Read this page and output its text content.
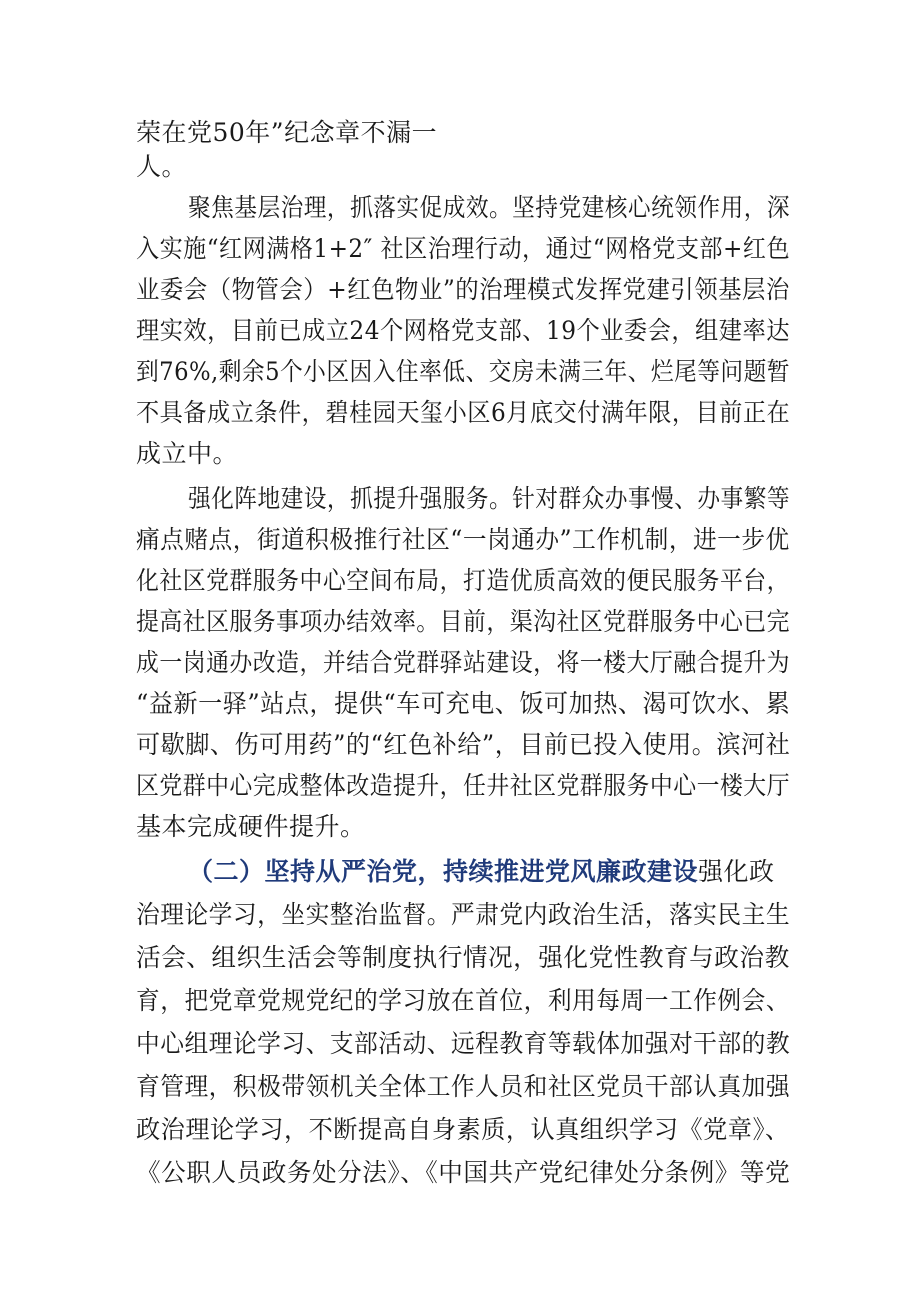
荣在党50年”纪念章不漏一
人。
聚焦基层治理，抓落实促成效。坚持党建核心统领作用，深
入实施“红网满格1+2″ 社区治理行动，通过“网格党支部+红色
业委会（物管会）+红色物业”的治理模式发挥党建引领基层治
理实效，目前已成立24个网格党支部、19个业委会，组建率达
到76%,剩余5个小区因入住率低、交房未满三年、烂尾等问题暂
不具备成立条件，碧桂园天玺小区6月底交付满年限，目前正在
成立中。
强化阵地建设，抓提升强服务。针对群众办事慢、办事繁等
痛点赌点，街道积极推行社区“一岗通办”工作机制，进一步优
化社区党群服务中心空间布局，打造优质高效的便民服务平台，
提高社区服务事项办结效率。目前，渠沟社区党群服务中心已完
成一岗通办改造，并结合党群驿站建设，将一楼大厅融合提升为
“益新一驿”站点，提供“车可充电、饭可加热、渴可饮水、累
可歇脚、伤可用药”的“红色补给”，目前已投入使用。滨河社
区党群中心完成整体改造提升，任井社区党群服务中心一楼大厅
基本完成硬件提升。
（二）坚持从严治党，持续推进党风廉政建设强化政
治理论学习，坐实整治监督。严肃党内政治生活，落实民主生
活会、组织生活会等制度执行情况，强化党性教育与政治教
育，把党章党规党纪的学习放在首位，利用每周一工作例会、
中心组理论学习、支部活动、远程教育等载体加强对干部的教
育管理，积极带领机关全体工作人员和社区党员干部认真加强
政治理论学习，不断提高自身素质，认真组织学习《党章》、
《公职人员政务处分法》、《中国共产党纪律处分条例》等党
